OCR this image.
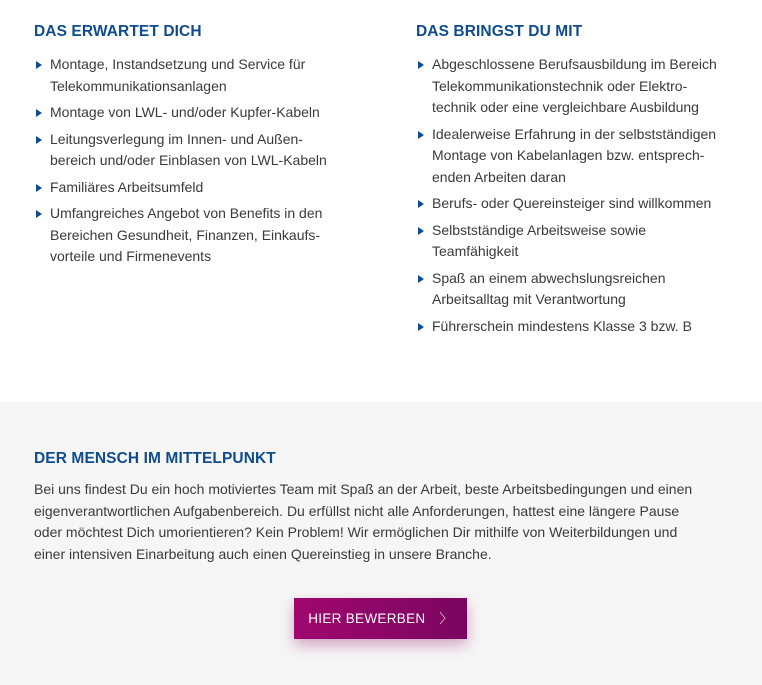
DAS ERWARTET DICH
Montage, Instandsetzung und Service für
Telekommunikationsanlagen
Montage von LWL- und/oder Kupfer-Kabeln
Leitungsverlegung im Innen- und Außen-
bereich und/oder Einblasen von LWL-Kabeln
Familiäres Arbeitsumfeld
Umfangreiches Angebot von Benefits in den
Bereichen Gesundheit, Finanzen, Einkaufs-
vorteile und Firmenevents
DAS BRINGST DU MIT
Abgeschlossene Berufsausbildung im Bereich
Telekommunikationstechnik oder Elektro-
technik oder eine vergleichbare Ausbildung
Idealerweise Erfahrung in der selbstständigen
Montage von Kabelanlagen bzw. entsprech-
enden Arbeiten daran
Berufs- oder Quereinsteiger sind willkommen
Selbstständige Arbeitsweise sowie
Teamfähigkeit
Spaß an einem abwechslungsreichen
Arbeitsalltag mit Verantwortung
Führerschein mindestens Klasse 3 bzw. B
DER MENSCH IM MITTELPUNKT

Bei uns findest Du ein hoch motiviertes Team mit Spaß an der Arbeit, beste Arbeitsbedingungen und einen
eigenverantwortlichen Aufgabenbereich. Du erfüllst nicht alle Anforderungen, hattest eine längere Pause
oder möchtest Dich umorientieren? Kein Problem! Wir ermöglichen Dir mithilfe von Weiterbildungen und
einer intensiven Einarbeitung auch einen Quereinstieg in unsere Branche.

HIER BEWERBEN 〉
